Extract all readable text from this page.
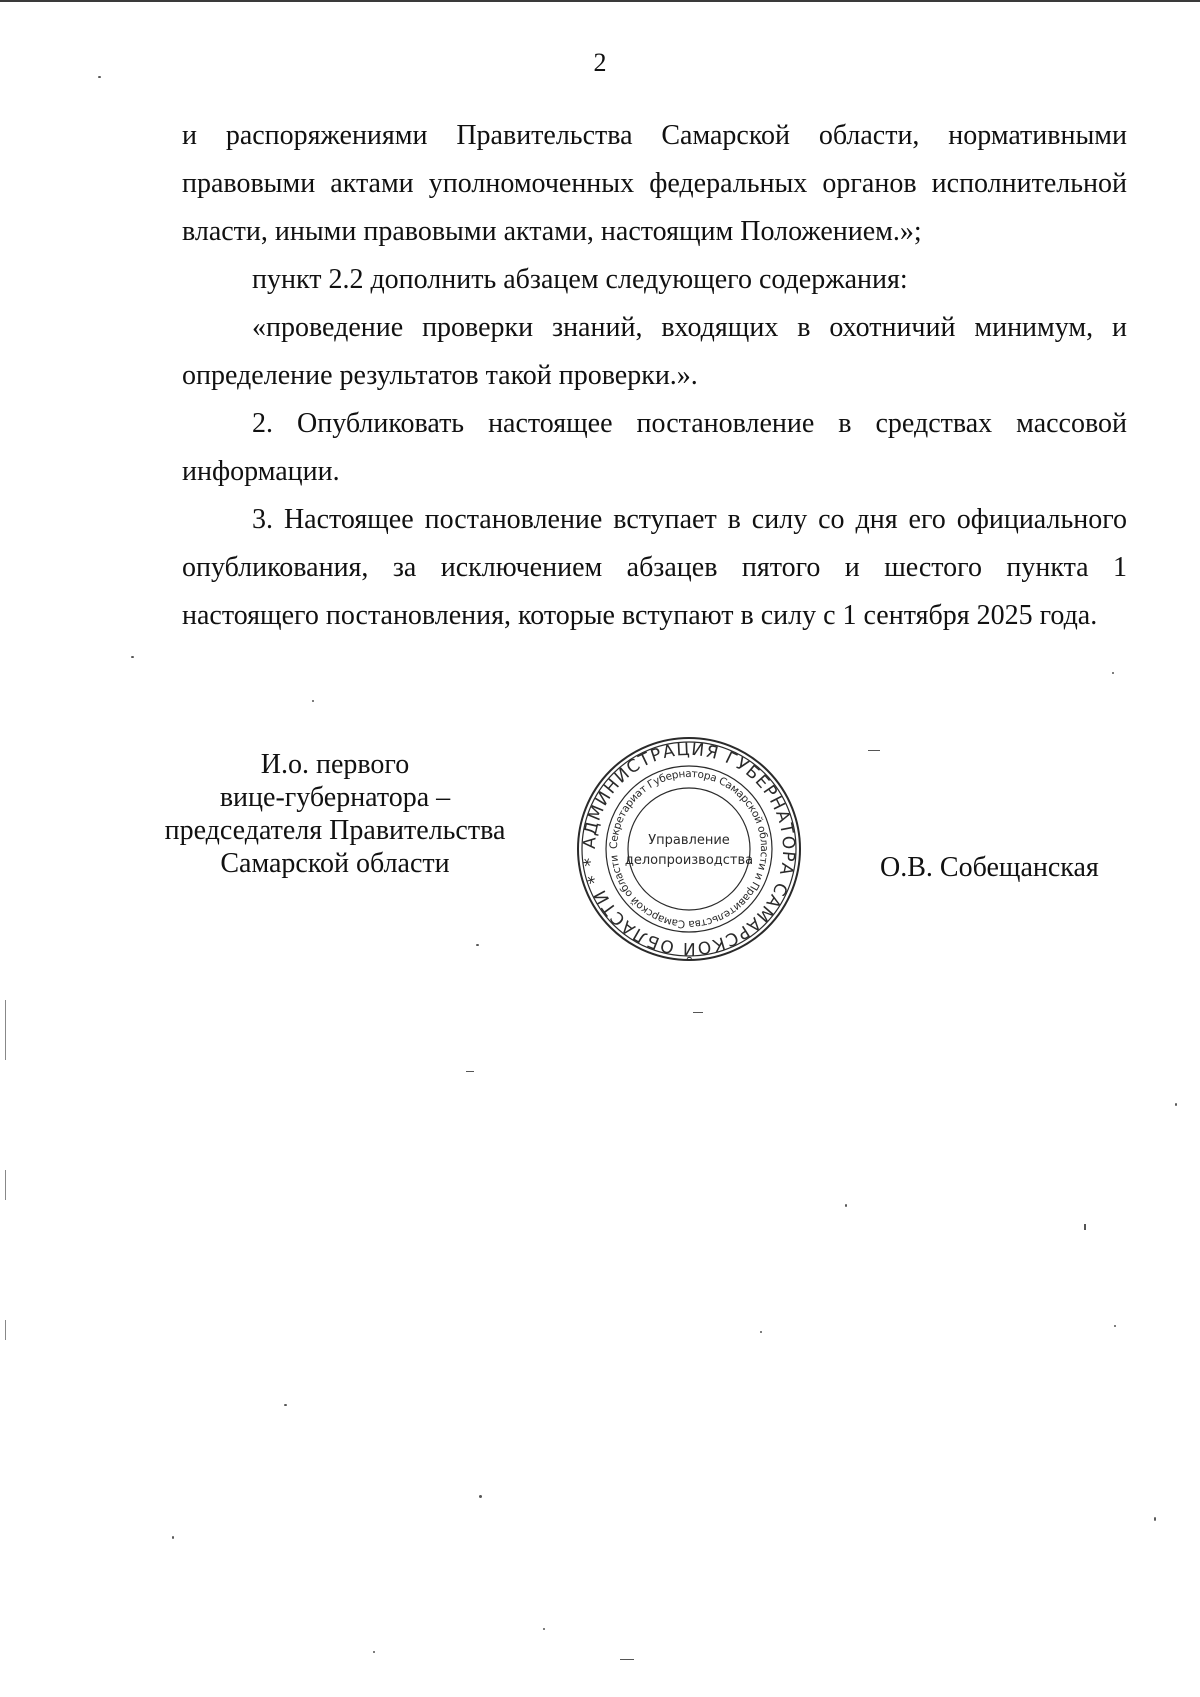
2

и распоряжениями Правительства Самарской области, нормативными правовыми актами уполномоченных федеральных органов исполнительной власти, иными правовыми актами, настоящим Положением.»;

пункт 2.2 дополнить абзацем следующего содержания:

«проведение проверки знаний, входящих в охотничий минимум, и определение результатов такой проверки.».

2. Опубликовать настоящее постановление в средствах массовой информации.

3. Настоящее постановление вступает в силу со дня его официального опубликования, за исключением абзацев пятого и шестого пункта 1 настоящего постановления, которые вступают в силу с 1 сентября 2025 года.

И.о. первого
вице-губернатора –
председателя Правительства
Самарской области
АДМИНИСТРАЦИЯ ГУБЕРНАТОРА САМАРСКОЙ ОБЛАСТИ * *
Секретариат Губернатора Самарской области и Правительства Самарской области
Управление
делопроизводства	О.В. Собещанская
